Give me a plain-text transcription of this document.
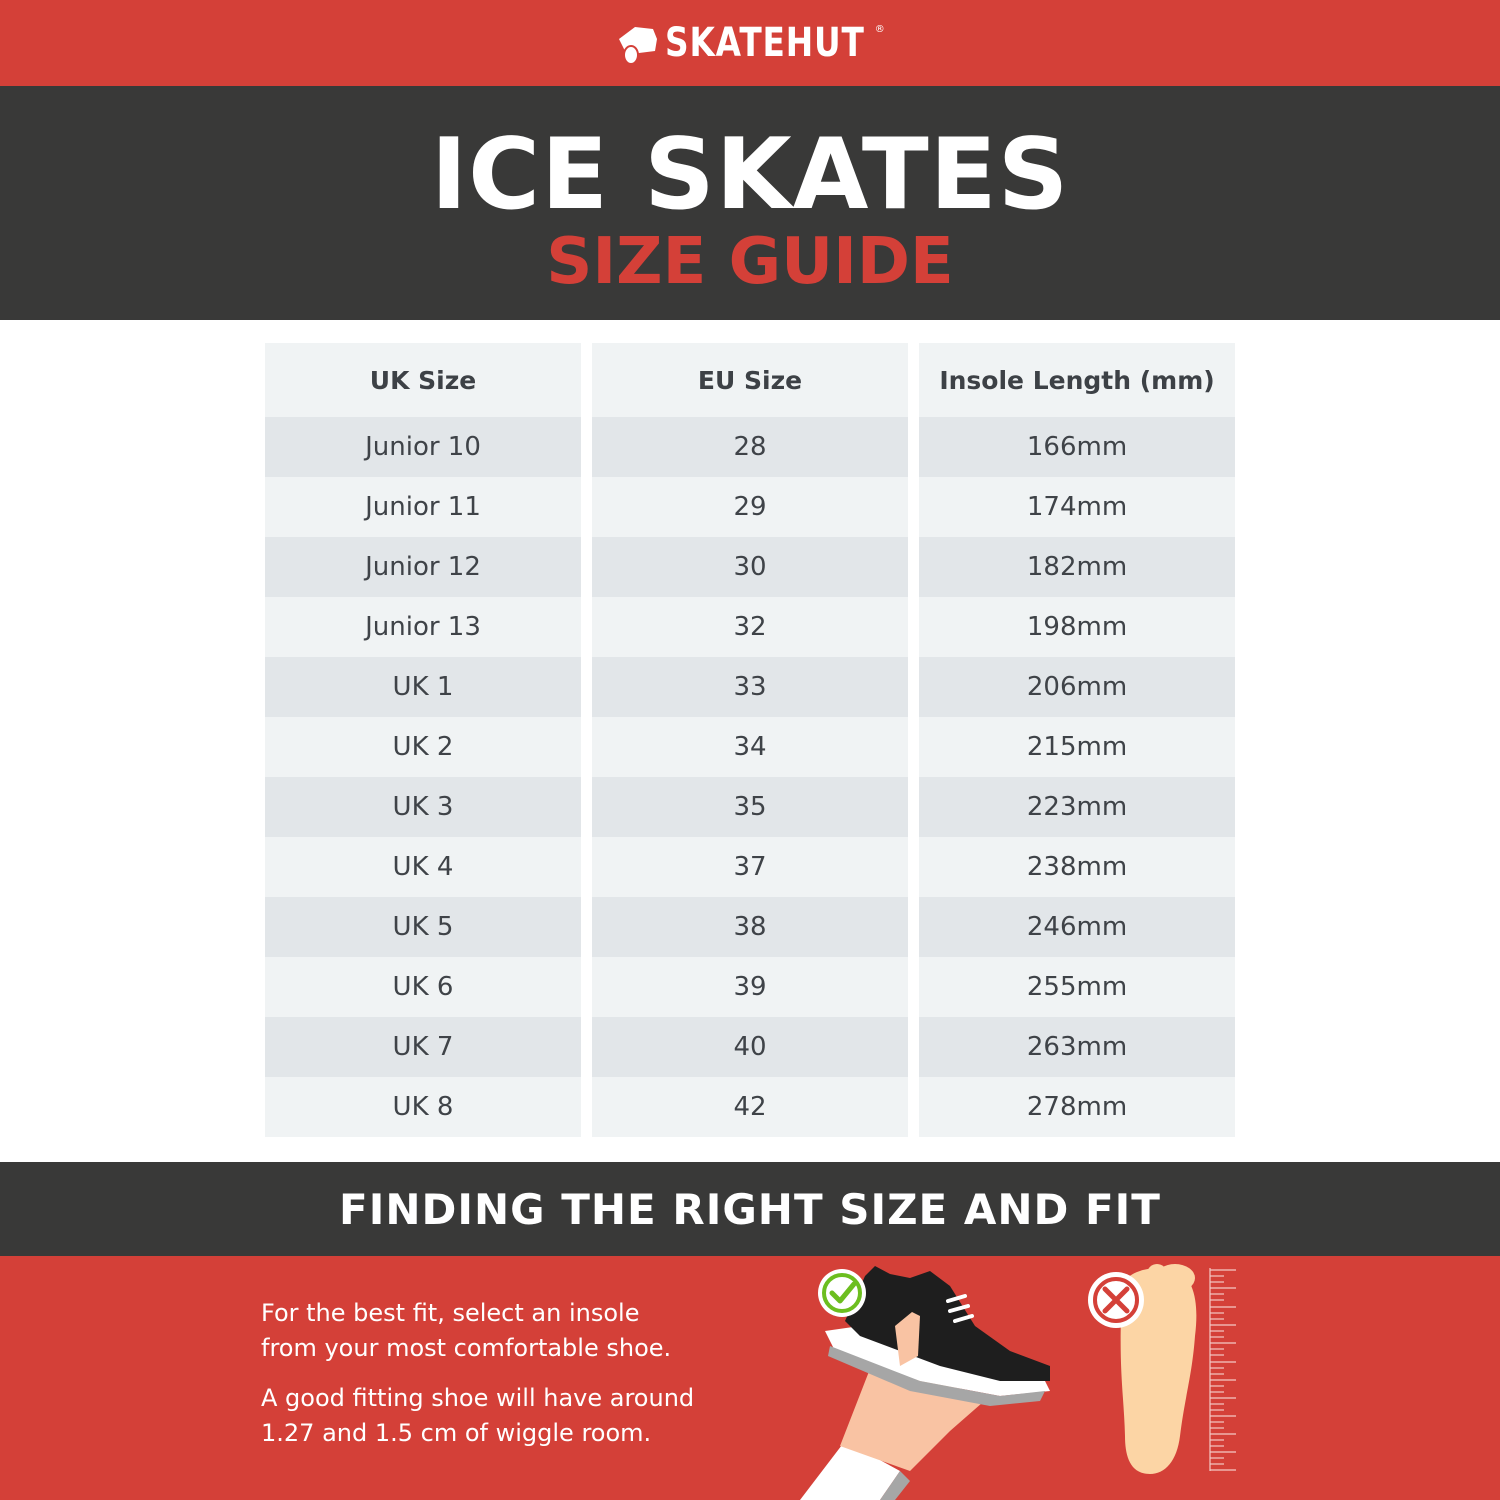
SKATEHUT ®
ICE SKATES
SIZE GUIDE
UK Size	EU Size	Insole Length (mm)
Junior 10	28	166mm
Junior 11	29	174mm
Junior 12	30	182mm
Junior 13	32	198mm
UK 1	33	206mm
UK 2	34	215mm
UK 3	35	223mm
UK 4	37	238mm
UK 5	38	246mm
UK 6	39	255mm
UK 7	40	263mm
UK 8	42	278mm
FINDING THE RIGHT SIZE AND FIT

For the best fit, select an insole
from your most comfortable shoe.

A good fitting shoe will have around
1.27 and 1.5 cm of wiggle room.
